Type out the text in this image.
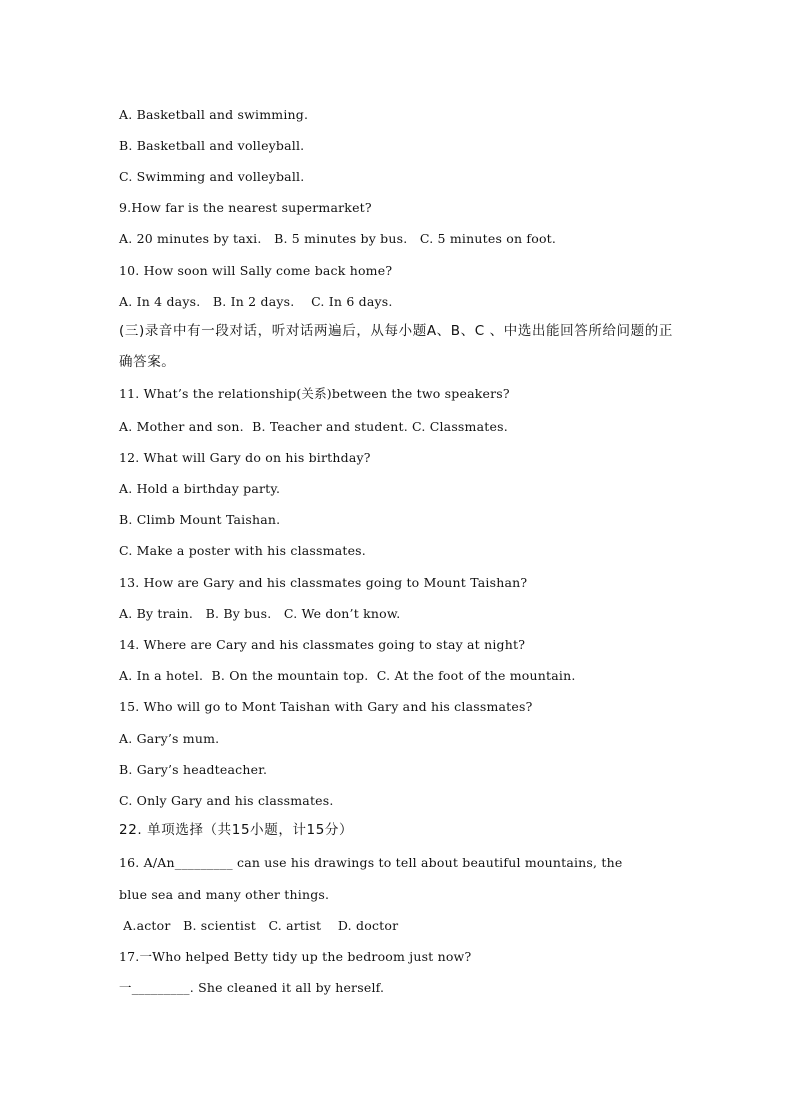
A. Basketball and swimming.
B. Basketball and volleyball.
C. Swimming and volleyball.
9.How far is the nearest supermarket?
A. 20 minutes by taxi.   B. 5 minutes by bus.   C. 5 minutes on foot.
10. How soon will Sally come back home?
A. In 4 days.   B. In 2 days.    C. In 6 days.
(三)录音中有一段对话，听对话两遍后，从每小题A、B、C 、中选出能回答所给问题的正
确答案。
11. What’s the relationship(关系)between the two speakers?
A. Mother and son.  B. Teacher and student. C. Classmates.
12. What will Gary do on his birthday?
A. Hold a birthday party.
B. Climb Mount Taishan.
C. Make a poster with his classmates.
13. How are Gary and his classmates going to Mount Taishan?
A. By train.   B. By bus.   C. We don’t know.
14. Where are Cary and his classmates going to stay at night?
A. In a hotel.  B. On the mountain top.  C. At the foot of the mountain.
15. Who will go to Mont Taishan with Gary and his classmates?
A. Gary’s mum.
B. Gary’s headteacher.
C. Only Gary and his classmates.
22. 单项选择（共15小题，计15分）
16. A/An_________ can use his drawings to tell about beautiful mountains, the
blue sea and many other things.
A.actor   B. scientist   C. artist    D. doctor
17.一Who helped Betty tidy up the bedroom just now?
一_________. She cleaned it all by herself.
